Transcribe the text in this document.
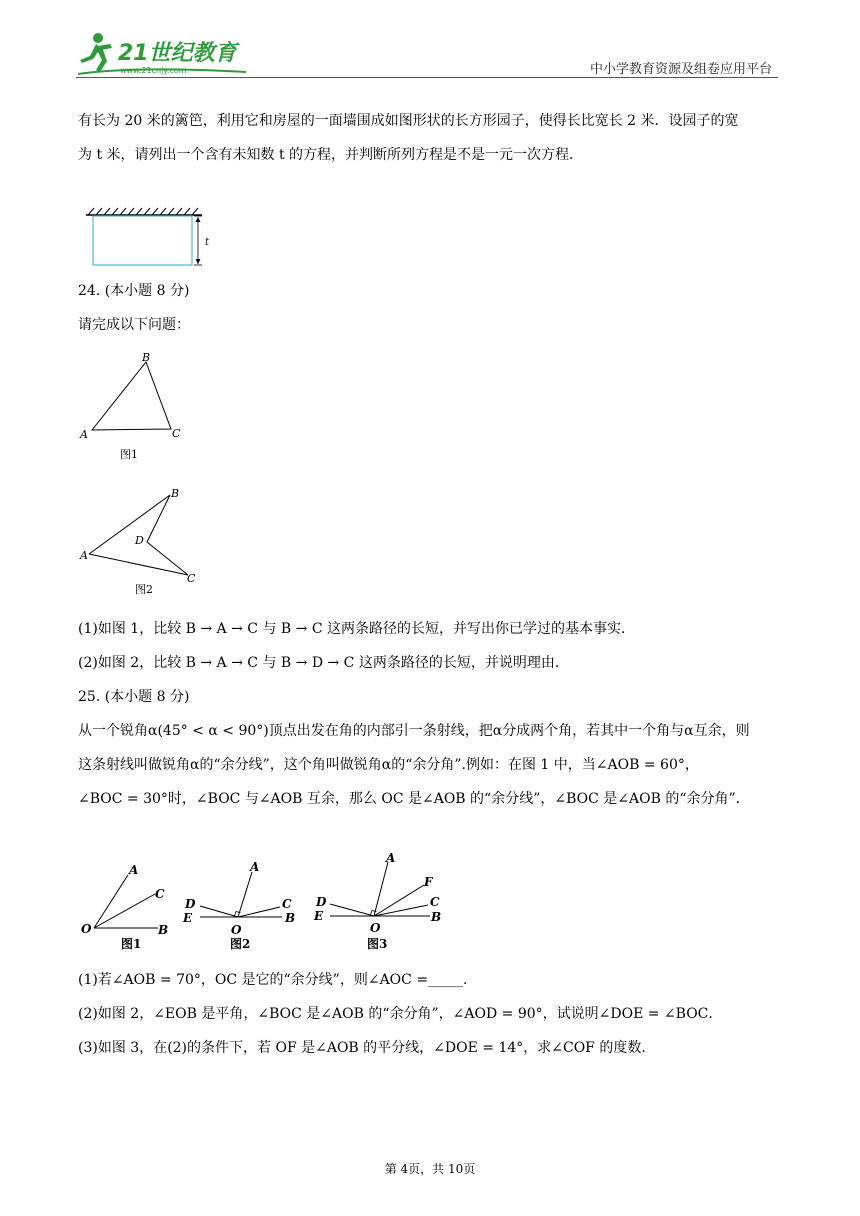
21世纪教育
www.21cnjy.com	中小学教育资源及组卷应用平台
有长为 20 米的篱笆，利用它和房屋的一面墙围成如图形状的长方形园子，使得长比宽长 2 米．设园子的宽
为 t 米，请列出一个含有未知数 t 的方程，并判断所列方程是不是一元一次方程．
t
24. (本小题 8 分)
请完成以下问题：
A
B
C
图1
A
B
D
C
图2
(1)如图 1，比较 B → A → C 与 B → C 这两条路径的长短，并写出你已学过的基本事实．
(2)如图 2，比较 B → A → C 与 B → D → C 这两条路径的长短，并说明理由．
25. (本小题 8 分)
从一个锐角α(45° < α < 90°)顶点出发在角的内部引一条射线，把α分成两个角，若其中一个角与α互余，则
这条射线叫做锐角α的“余分线”，这个角叫做锐角α的“余分角”.例如：在图 1 中，当∠AOB = 60°，
∠BOC = 30°时，∠BOC 与∠AOB 互余，那么 OC 是∠AOB 的“余分线”，∠BOC 是∠AOB 的“余分角”．
A
C
O	B
图1
A
D	C
E	B
O
图2
A
F
D	C
E	B
O
图3
(1)若∠AOB = 70°，OC 是它的“余分线”，则∠AOC =_____.
(2)如图 2，∠EOB 是平角，∠BOC 是∠AOB 的“余分角”，∠AOD = 90°，试说明∠DOE = ∠BOC．
(3)如图 3，在(2)的条件下，若 OF 是∠AOB 的平分线，∠DOE = 14°，求∠COF 的度数．
第 4页，共 10页
